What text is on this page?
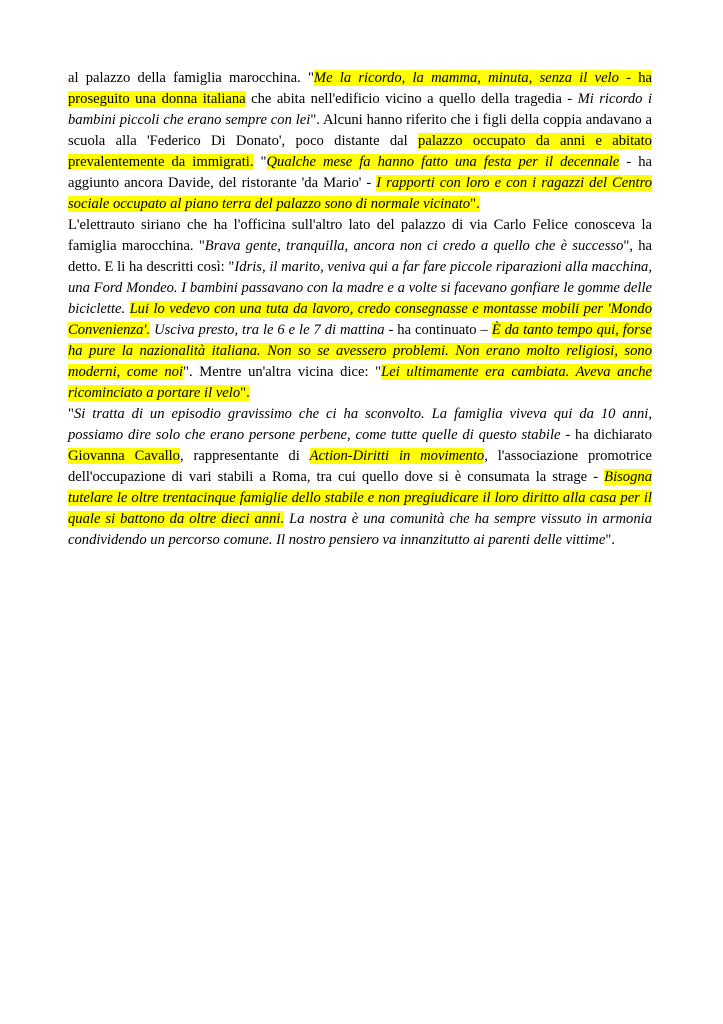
al palazzo della famiglia marocchina. "Me la ricordo, la mamma, minuta, senza il velo - ha proseguito una donna italiana che abita nell'edificio vicino a quello della tragedia - Mi ricordo i bambini piccoli che erano sempre con lei". Alcuni hanno riferito che i figli della coppia andavano a scuola alla 'Federico Di Donato', poco distante dal palazzo occupato da anni e abitato prevalentemente da immigrati. "Qualche mese fa hanno fatto una festa per il decennale - ha aggiunto ancora Davide, del ristorante 'da Mario' - I rapporti con loro e con i ragazzi del Centro sociale occupato al piano terra del palazzo sono di normale vicinato".

L'elettrauto siriano che ha l'officina sull'altro lato del palazzo di via Carlo Felice conosceva la famiglia marocchina. "Brava gente, tranquilla, ancora non ci credo a quello che è successo", ha detto. E li ha descritti così: "Idris, il marito, veniva qui a far fare piccole riparazioni alla macchina, una Ford Mondeo. I bambini passavano con la madre e a volte si facevano gonfiare le gomme delle biciclette. Lui lo vedevo con una tuta da lavoro, credo consegnasse e montasse mobili per 'Mondo Convenienza'. Usciva presto, tra le 6 e le 7 di mattina - ha continuato – È da tanto tempo qui, forse ha pure la nazionalità italiana. Non so se avessero problemi. Non erano molto religiosi, sono moderni, come noi". Mentre un'altra vicina dice: "Lei ultimamente era cambiata. Aveva anche ricominciato a portare il velo".

"Si tratta di un episodio gravissimo che ci ha sconvolto. La famiglia viveva qui da 10 anni, possiamo dire solo che erano persone perbene, come tutte quelle di questo stabile - ha dichiarato Giovanna Cavallo, rappresentante di Action-Diritti in movimento, l'associazione promotrice dell'occupazione di vari stabili a Roma, tra cui quello dove si è consumata la strage - Bisogna tutelare le oltre trentacinque famiglie dello stabile e non pregiudicare il loro diritto alla casa per il quale si battono da oltre dieci anni. La nostra è una comunità che ha sempre vissuto in armonia condividendo un percorso comune. Il nostro pensiero va innanzitutto ai parenti delle vittime".
